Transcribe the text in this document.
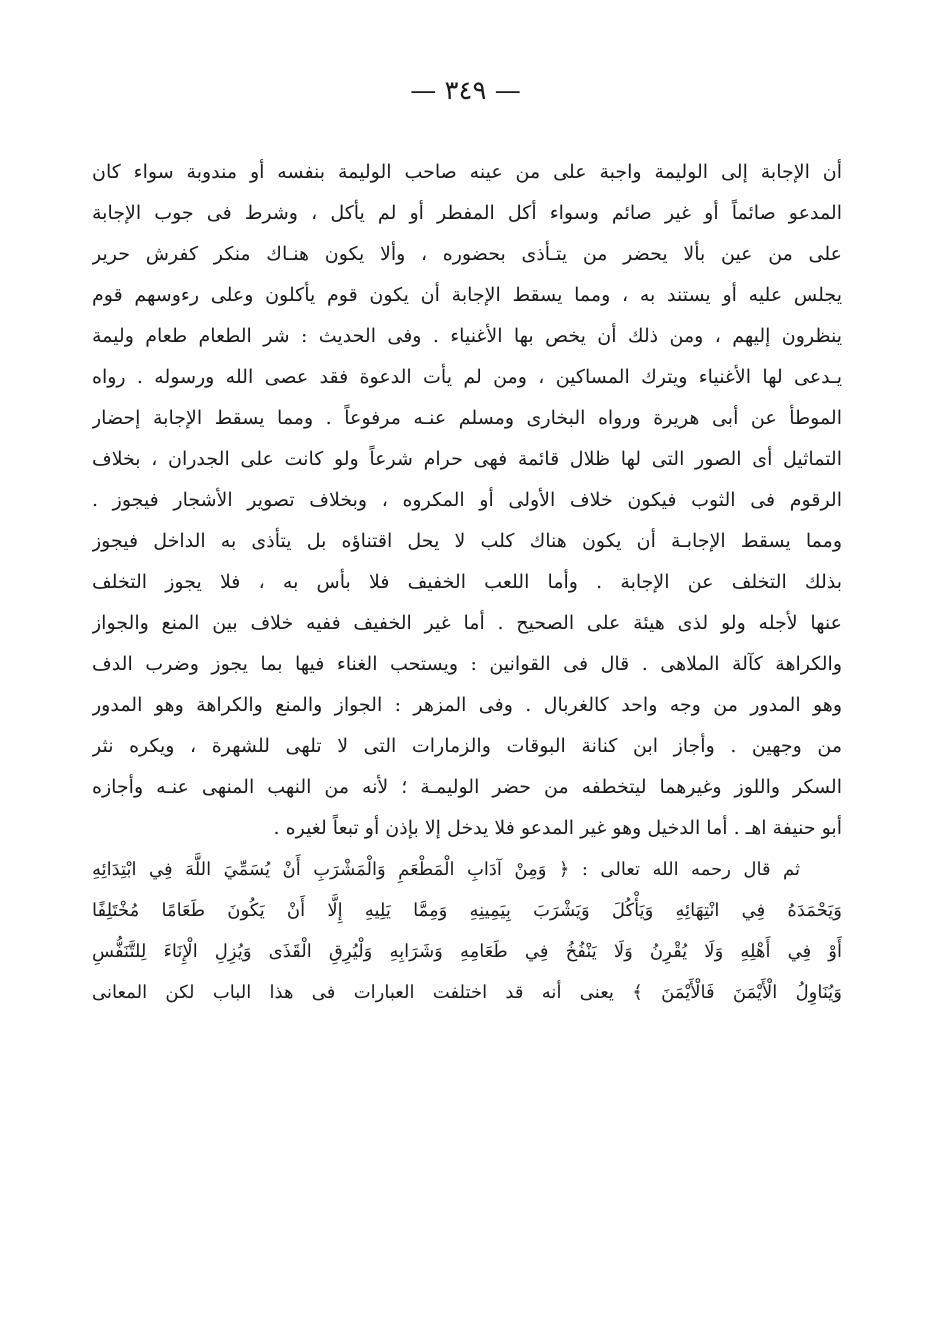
— ٣٤٩ —
أن الإجابة إلى الوليمة واجبة على من عينه صاحب الوليمة بنفسه أو مندوبة سواء كان
المدعو صائماً أو غير صائم وسواء أكل المفطر أو لم يأكل ، وشرط فى جوب الإجابة
على من عين بألا يحضر من يتـأذى بحضوره ، وألا يكون هنـاك منكر كفرش حرير
يجلس عليه أو يستند به ، ومما يسقط الإجابة أن يكون قوم يأكلون وعلى رءوسهم قوم
ينظرون إليهم ، ومن ذلك أن يخص بها الأغنياء . وفى الحديث : شر الطعام طعام وليمة
يـدعى لها الأغنياء ويترك المساكين ، ومن لم يأت الدعوة فقد عصى الله ورسوله . رواه
الموطأ عن أبى هريرة ورواه البخارى ومسلم عنـه مرفوعاً . ومما يسقط الإجابة إحضار
التماثيل أى الصور التى لها ظلال قائمة فهى حرام شرعاً ولو كانت على الجدران ، بخلاف
الرقوم فى الثوب فيكون خلاف الأولى أو المكروه ، وبخلاف تصوير الأشجار فيجوز .
ومما يسقط الإجابـة أن يكون هناك كلب لا يحل اقتناؤه بل يتأذى به الداخل فيجوز
بذلك التخلف عن الإجابة . وأما اللعب الخفيف فلا بأس به ، فلا يجوز التخلف
عنها لأجله ولو لذى هيئة على الصحيح . أما غير الخفيف ففيه خلاف بين المنع والجواز
والكراهة كآلة الملاهى . قال فى القوانين : ويستحب الغناء فيها بما يجوز وضرب الدف
وهو المدور من وجه واحد كالغربال . وفى المزهر : الجواز والمنع والكراهة وهو المدور
من وجهين . وأجاز ابن كنانة البوقات والزمارات التى لا تلهى للشهرة ، ويكره نثر
السكر واللوز وغيرهما ليتخطفه من حضر الوليمـة ؛ لأنه من النهب المنهى عنـه وأجازه
أبو حنيفة اهـ . أما الدخيل وهو غير المدعو فلا يدخل إلا بإذن أو تبعاً لغيره .
ثم قال رحمه الله تعالى : ﴿ وَمِنْ آدَابِ الْمَطْعَمِ وَالْمَشْرَبِ أَنْ يُسَمِّيَ اللَّهَ فِي ابْتِدَائِهِ
وَيَحْمَدَهُ فِي انْتِهَائِهِ وَيَأْكُلَ وَيَشْرَبَ بِيَمِينِهِ وَمِمَّا يَلِيهِ إِلَّا أَنْ يَكُونَ طَعَامًا مُخْتَلِفًا
أَوْ فِي أَهْلِهِ وَلَا يُقْرِنُ وَلَا يَنْفُخُ فِي طَعَامِهِ وَشَرَابِهِ وَلْيُرِقِ الْقَذَى وَيُزِلِ الْإِنَاءَ لِلتَّنَفُّسِ
وَيُنَاوِلُ الْأَيْمَنَ فَالْأَيْمَنَ ﴾ يعنى أنه قد اختلفت العبارات فى هذا الباب لكن المعانى
